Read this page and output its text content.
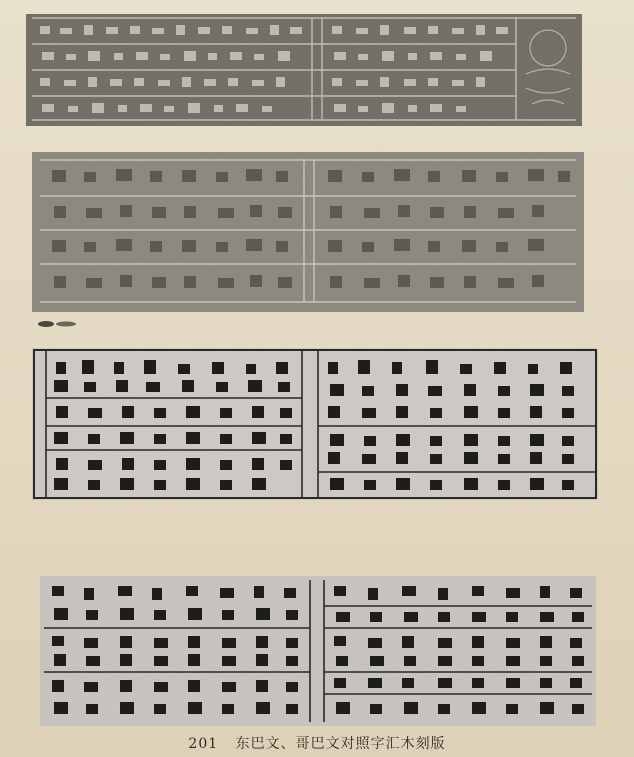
201 东巴文、哥巴文对照字汇木刻版
